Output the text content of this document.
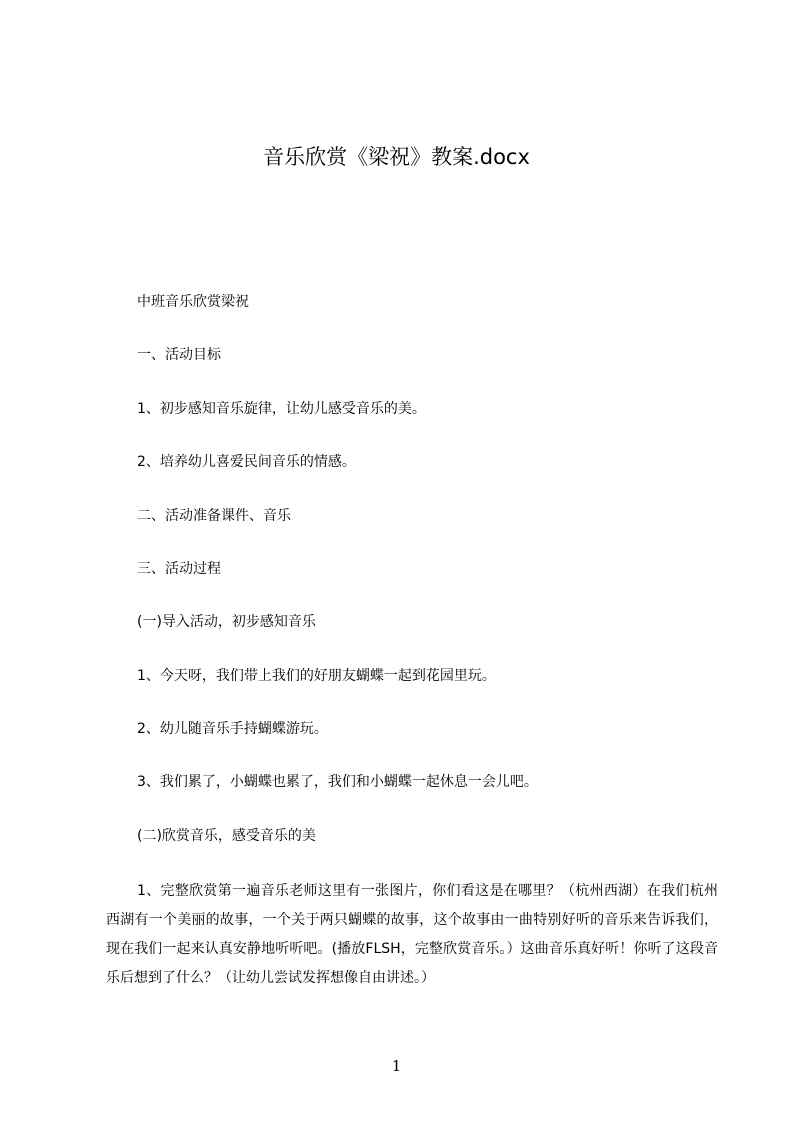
音乐欣赏《梁祝》教案.docx
中班音乐欣赏梁祝
一、活动目标
1、初步感知音乐旋律，让幼儿感受音乐的美。
2、培养幼儿喜爱民间音乐的情感。
二、活动准备课件、音乐
三、活动过程
(一)导入活动，初步感知音乐
1、今天呀，我们带上我们的好朋友蝴蝶一起到花园里玩。
2、幼儿随音乐手持蝴蝶游玩。
3、我们累了，小蝴蝶也累了，我们和小蝴蝶一起休息一会儿吧。
(二)欣赏音乐，感受音乐的美
1、完整欣赏第一遍音乐老师这里有一张图片，你们看这是在哪里？（杭州西湖）在我们杭州西湖有一个美丽的故事，一个关于两只蝴蝶的故事，这个故事由一曲特别好听的音乐来告诉我们，现在我们一起来认真安静地听听吧。(播放FLSH，完整欣赏音乐。）这曲音乐真好听！你听了这段音乐后想到了什么？（让幼儿尝试发挥想像自由讲述。）
1
